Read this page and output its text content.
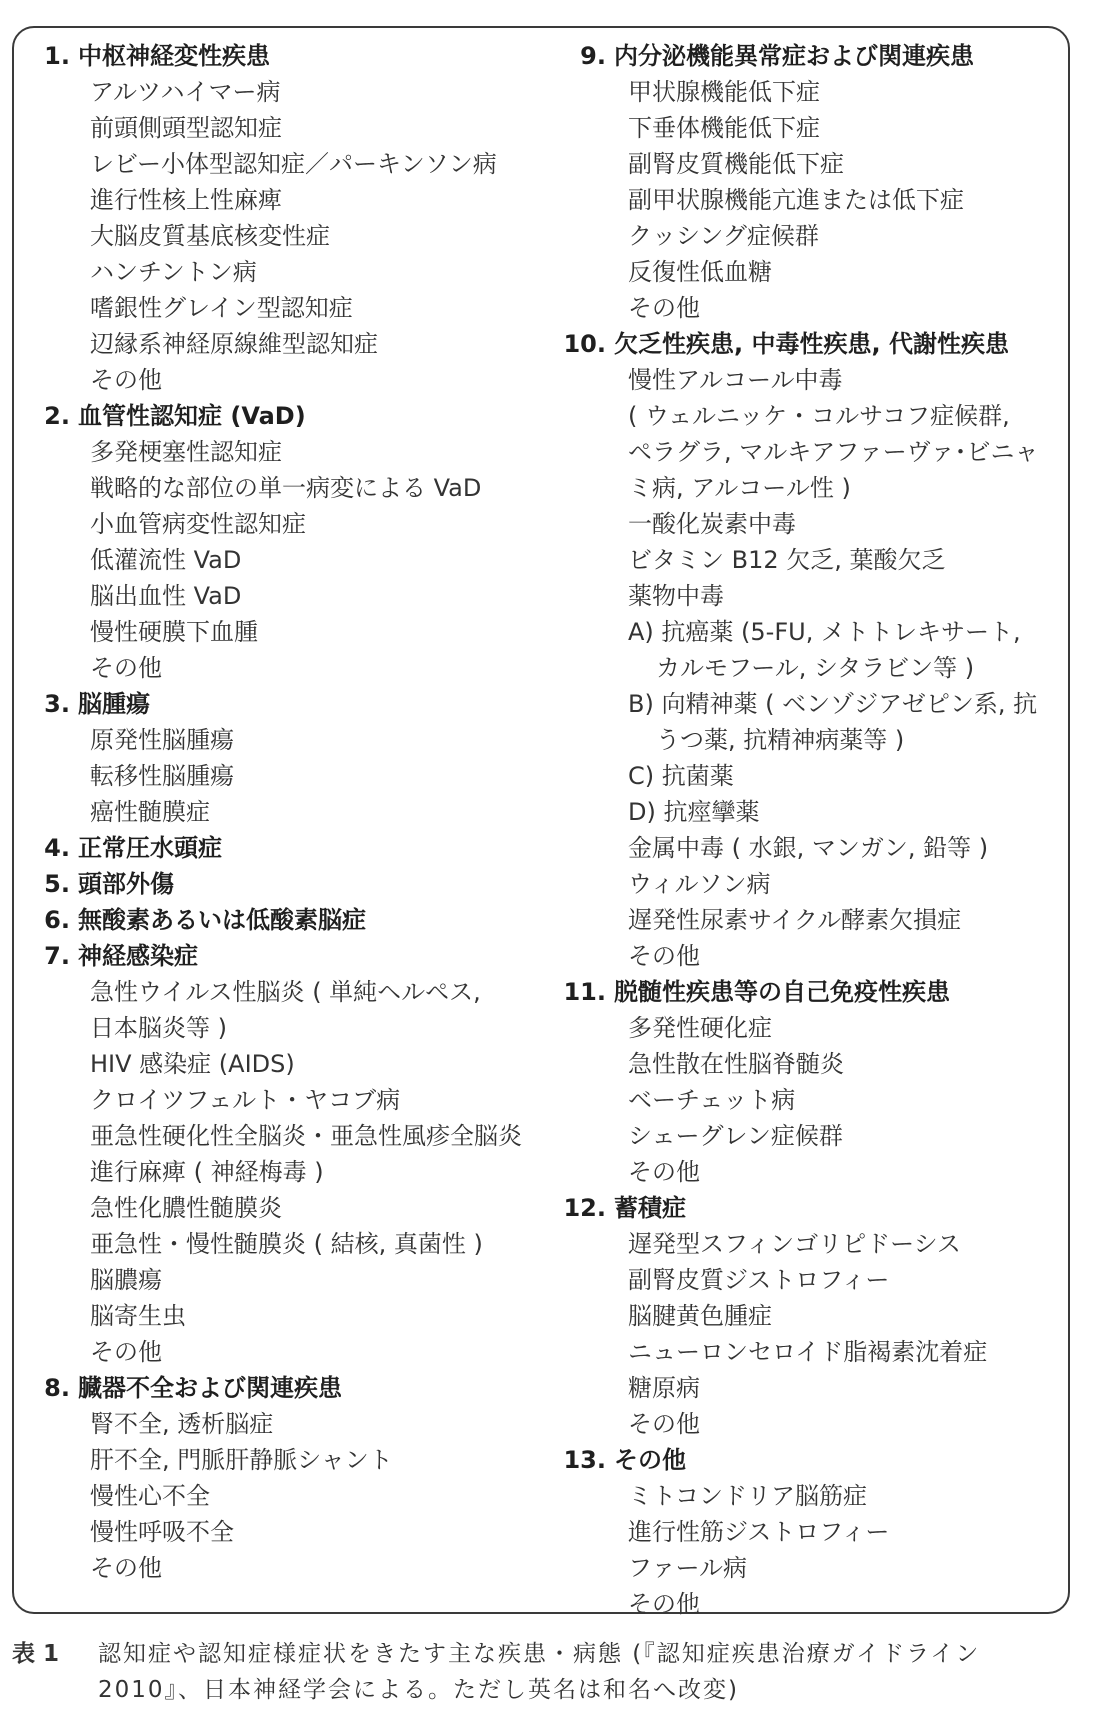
1. 中枢神経変性疾患
アルツハイマー病
前頭側頭型認知症
レビー小体型認知症／パーキンソン病
進行性核上性麻痺
大脳皮質基底核変性症
ハンチントン病
嗜銀性グレイン型認知症
辺縁系神経原線維型認知症
その他
2. 血管性認知症 (VaD)
多発梗塞性認知症
戦略的な部位の単一病変による VaD
小血管病変性認知症
低灌流性 VaD
脳出血性 VaD
慢性硬膜下血腫
その他
3. 脳腫瘍
原発性脳腫瘍
転移性脳腫瘍
癌性髄膜症
4. 正常圧水頭症
5. 頭部外傷
6. 無酸素あるいは低酸素脳症
7. 神経感染症
急性ウイルス性脳炎 ( 単純ヘルペス,
日本脳炎等 )
HIV 感染症 (AIDS)
クロイツフェルト・ヤコブ病
亜急性硬化性全脳炎・亜急性風疹全脳炎
進行麻痺 ( 神経梅毒 )
急性化膿性髄膜炎
亜急性・慢性髄膜炎 ( 結核, 真菌性 )
脳膿瘍
脳寄生虫
その他
8. 臓器不全および関連疾患
腎不全, 透析脳症
肝不全, 門脈肝静脈シャント
慢性心不全
慢性呼吸不全
その他
9. 内分泌機能異常症および関連疾患
甲状腺機能低下症
下垂体機能低下症
副腎皮質機能低下症
副甲状腺機能亢進または低下症
クッシング症候群
反復性低血糖
その他
10. 欠乏性疾患, 中毒性疾患, 代謝性疾患
慢性アルコール中毒
( ウェルニッケ・コルサコフ症候群,
ペラグラ, マルキアファーヴァ･ビニャ
ミ病, アルコール性 )
一酸化炭素中毒
ビタミン B12 欠乏, 葉酸欠乏
薬物中毒
A) 抗癌薬 (5-FU, メトトレキサート,
カルモフール, シタラビン等 )
B) 向精神薬 ( ベンゾジアゼピン系, 抗
うつ薬, 抗精神病薬等 )
C) 抗菌薬
D) 抗痙攣薬
金属中毒 ( 水銀, マンガン, 鉛等 )
ウィルソン病
遅発性尿素サイクル酵素欠損症
その他
11. 脱髄性疾患等の自己免疫性疾患
多発性硬化症
急性散在性脳脊髄炎
ベーチェット病
シェーグレン症候群
その他
12. 蓄積症
遅発型スフィンゴリピドーシス
副腎皮質ジストロフィー
脳腱黄色腫症
ニューロンセロイド脂褐素沈着症
糖原病
その他
13. その他
ミトコンドリア脳筋症
進行性筋ジストロフィー
ファール病
その他
表 1	認知症や認知症様症状をきたす主な疾患・病態 (『認知症疾患治療ガイドライン 2010』、日本神経学会による。ただし英名は和名へ改変)
